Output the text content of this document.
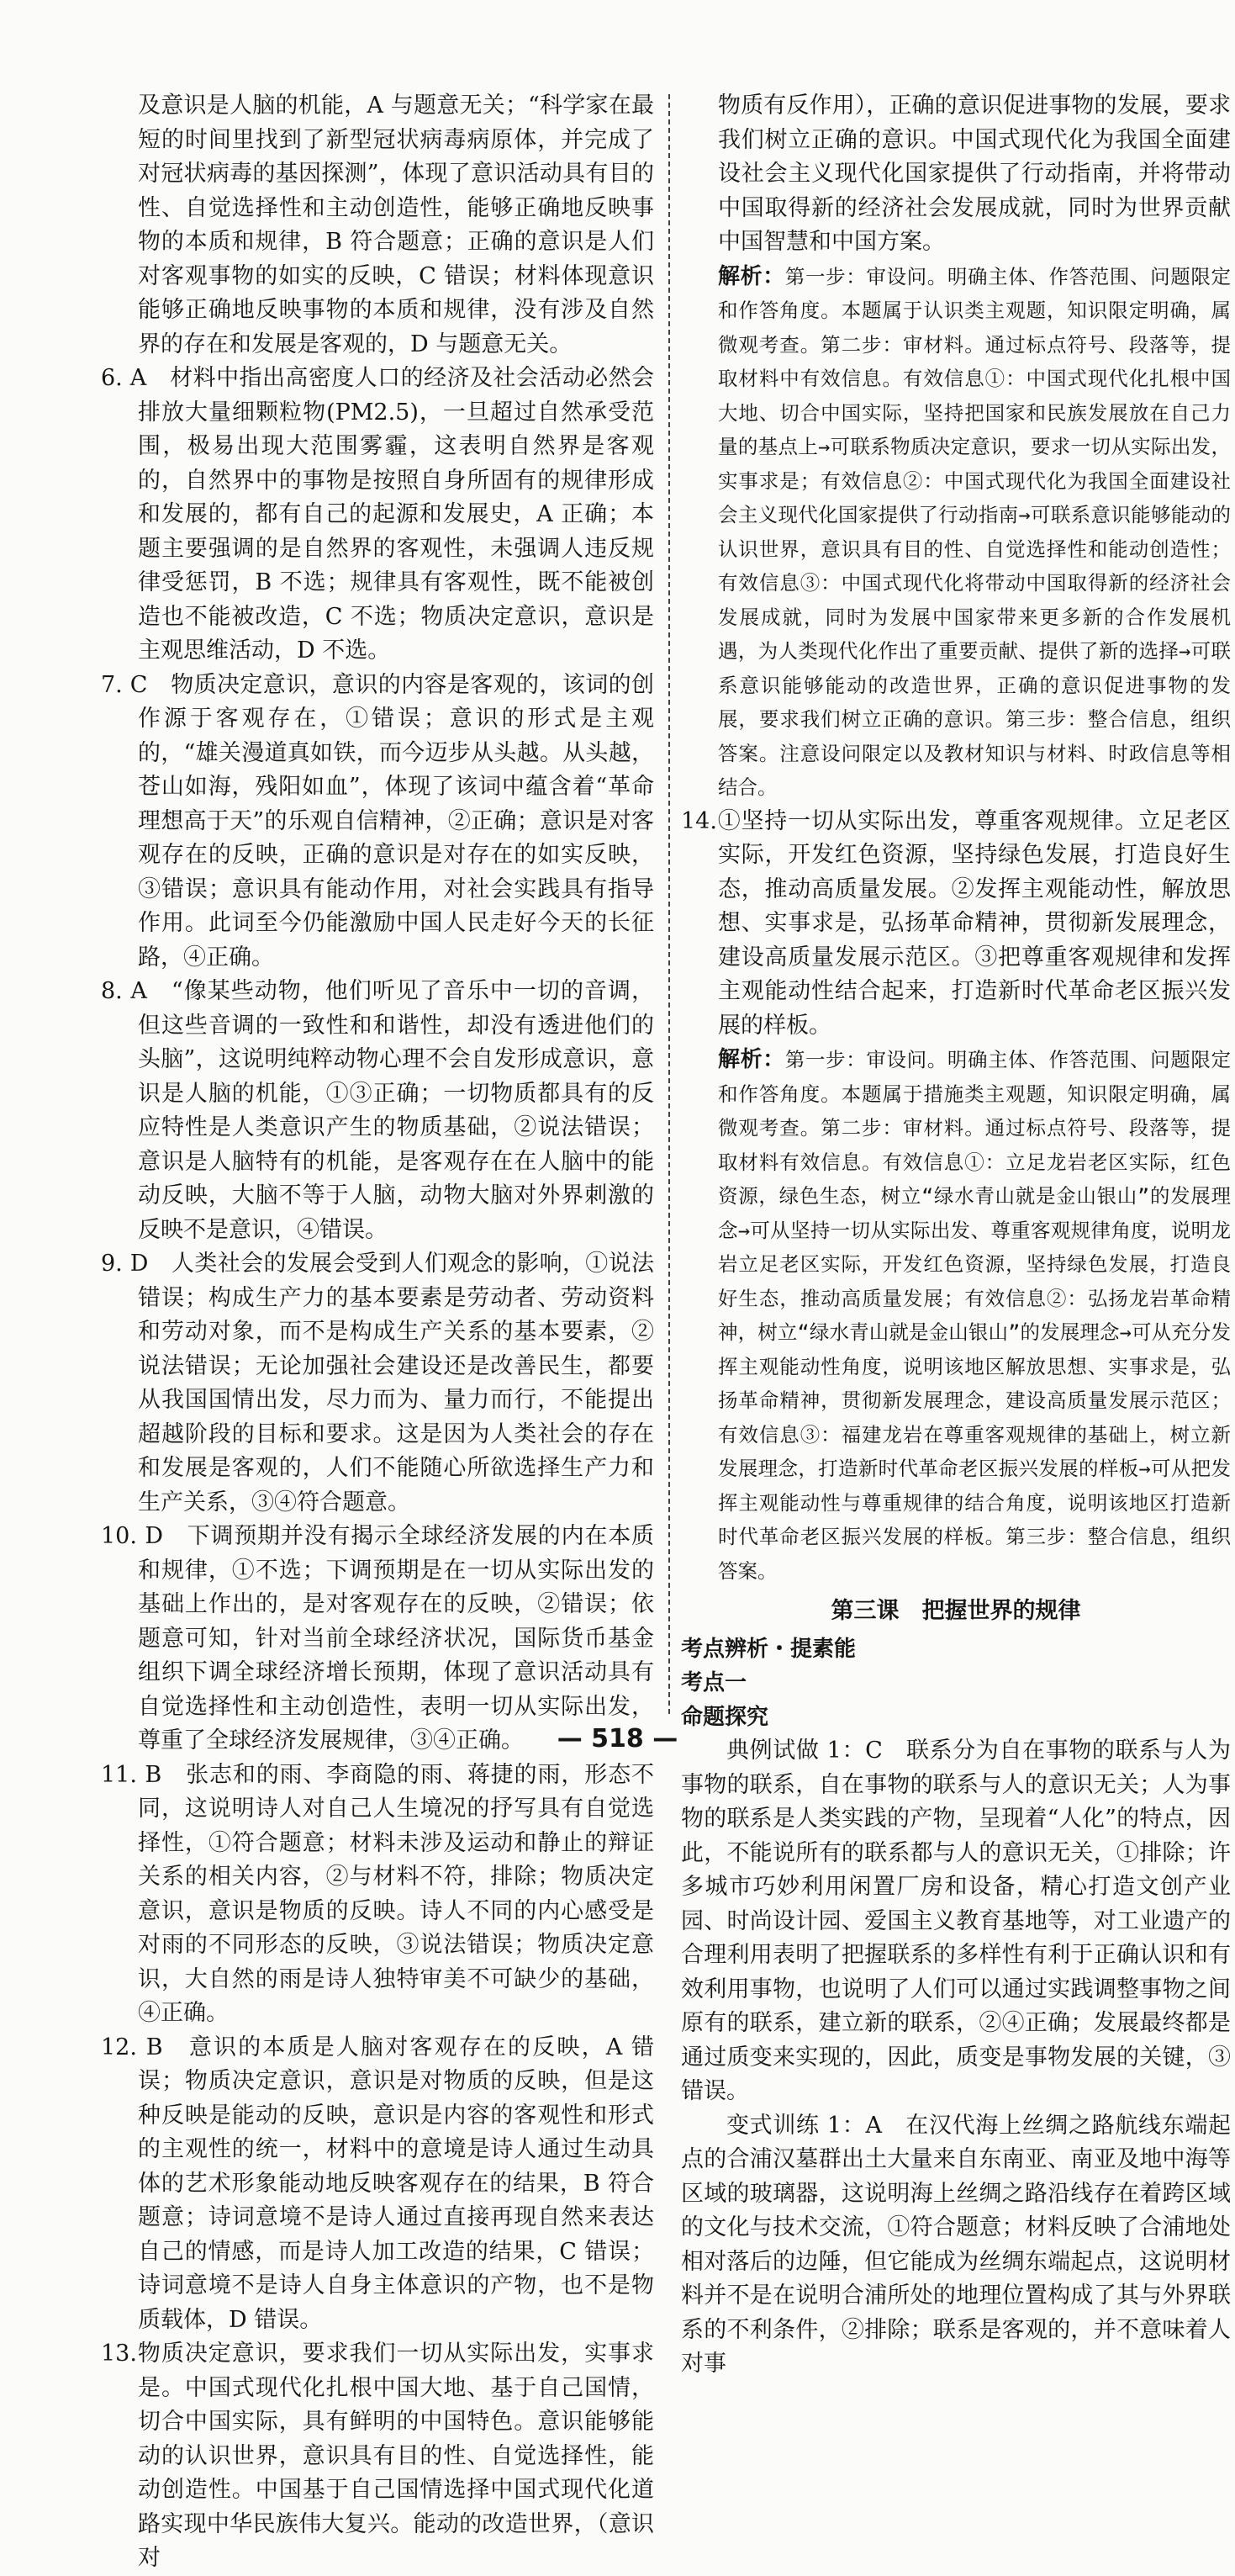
及意识是人脑的机能，A 与题意无关；“科学家在最短的时间里找到了新型冠状病毒病原体，并完成了对冠状病毒的基因探测”，体现了意识活动具有目的性、自觉选择性和主动创造性，能够正确地反映事物的本质和规律，B 符合题意；正确的意识是人们对客观事物的如实的反映，C 错误；材料体现意识能够正确地反映事物的本质和规律，没有涉及自然界的存在和发展是客观的，D 与题意无关。

6. A　 材料中指出高密度人口的经济及社会活动必然会排放大量细颗粒物(PM2.5)，一旦超过自然承受范围，极易出现大范围雾霾，这表明自然界是客观的，自然界中的事物是按照自身所固有的规律形成和发展的，都有自己的起源和发展史，A 正确；本题主要强调的是自然界的客观性，未强调人违反规律受惩罚，B 不选；规律具有客观性，既不能被创造也不能被改造，C 不选；物质决定意识，意识是主观思维活动，D 不选。

7. C　 物质决定意识，意识的内容是客观的，该词的创作源于客观存在，①错误；意识的形式是主观的，“雄关漫道真如铁，而今迈步从头越。从头越，苍山如海，残阳如血”，体现了该词中蕴含着“革命理想高于天”的乐观自信精神，②正确；意识是对客观存在的反映，正确的意识是对存在的如实反映，③错误；意识具有能动作用，对社会实践具有指导作用。此词至今仍能激励中国人民走好今天的长征路，④正确。

8. A　 “像某些动物，他们听见了音乐中一切的音调，但这些音调的一致性和和谐性，却没有透进他们的头脑”，这说明纯粹动物心理不会自发形成意识，意识是人脑的机能，①③正确；一切物质都具有的反应特性是人类意识产生的物质基础，②说法错误；意识是人脑特有的机能，是客观存在在人脑中的能动反映，大脑不等于人脑，动物大脑对外界刺激的反映不是意识，④错误。

9. D　 人类社会的发展会受到人们观念的影响，①说法错误；构成生产力的基本要素是劳动者、劳动资料和劳动对象，而不是构成生产关系的基本要素，②说法错误；无论加强社会建设还是改善民生，都要从我国国情出发，尽力而为、量力而行，不能提出超越阶段的目标和要求。这是因为人类社会的存在和发展是客观的，人们不能随心所欲选择生产力和生产关系，③④符合题意。

10. D　 下调预期并没有揭示全球经济发展的内在本质和规律，①不选；下调预期是在一切从实际出发的基础上作出的，是对客观存在的反映，②错误；依题意可知，针对当前全球经济状况，国际货币基金组织下调全球经济增长预期，体现了意识活动具有自觉选择性和主动创造性，表明一切从实际出发，尊重了全球经济发展规律，③④正确。

11. B　 张志和的雨、李商隐的雨、蒋捷的雨，形态不同，这说明诗人对自己人生境况的抒写具有自觉选择性，①符合题意；材料未涉及运动和静止的辩证关系的相关内容，②与材料不符，排除；物质决定意识，意识是物质的反映。诗人不同的内心感受是对雨的不同形态的反映，③说法错误；物质决定意识，大自然的雨是诗人独特审美不可缺少的基础，④正确。

12. B　 意识的本质是人脑对客观存在的反映，A 错误；物质决定意识，意识是对物质的反映，但是这种反映是能动的反映，意识是内容的客观性和形式的主观性的统一，材料中的意境是诗人通过生动具体的艺术形象能动地反映客观存在的结果，B 符合题意；诗词意境不是诗人通过直接再现自然来表达自己的情感，而是诗人加工改造的结果，C 错误；诗词意境不是诗人自身主体意识的产物，也不是物质载体，D 错误。

13.物质决定意识，要求我们一切从实际出发，实事求是。中国式现代化扎根中国大地、基于自己国情，切合中国实际，具有鲜明的中国特色。意识能够能动的认识世界，意识具有目的性、自觉选择性，能动创造性。中国基于自己国情选择中国式现代化道路实现中华民族伟大复兴。能动的改造世界，（意识对

物质有反作用），正确的意识促进事物的发展，要求我们树立正确的意识。中国式现代化为我国全面建设社会主义现代化国家提供了行动指南，并将带动中国取得新的经济社会发展成就，同时为世界贡献中国智慧和中国方案。

解析：第一步：审设问。明确主体、作答范围、问题限定和作答角度。本题属于认识类主观题，知识限定明确，属微观考查。第二步：审材料。通过标点符号、段落等，提取材料中有效信息。有效信息①：中国式现代化扎根中国大地、切合中国实际，坚持把国家和民族发展放在自己力量的基点上→可联系物质决定意识，要求一切从实际出发，实事求是；有效信息②：中国式现代化为我国全面建设社会主义现代化国家提供了行动指南→可联系意识能够能动的认识世界，意识具有目的性、自觉选择性和能动创造性；有效信息③：中国式现代化将带动中国取得新的经济社会发展成就，同时为发展中国家带来更多新的合作发展机遇，为人类现代化作出了重要贡献、提供了新的选择→可联系意识能够能动的改造世界，正确的意识促进事物的发展，要求我们树立正确的意识。第三步：整合信息，组织答案。注意设问限定以及教材知识与材料、时政信息等相结合。

14.①坚持一切从实际出发，尊重客观规律。立足老区实际，开发红色资源，坚持绿色发展，打造良好生态，推动高质量发展。②发挥主观能动性，解放思想、实事求是，弘扬革命精神，贯彻新发展理念，建设高质量发展示范区。③把尊重客观规律和发挥主观能动性结合起来，打造新时代革命老区振兴发展的样板。

解析：第一步：审设问。明确主体、作答范围、问题限定和作答角度。本题属于措施类主观题，知识限定明确，属微观考查。第二步：审材料。通过标点符号、段落等，提取材料有效信息。有效信息①：立足龙岩老区实际，红色资源，绿色生态，树立“绿水青山就是金山银山”的发展理念→可从坚持一切从实际出发、尊重客观规律角度，说明龙岩立足老区实际，开发红色资源，坚持绿色发展，打造良好生态，推动高质量发展；有效信息②：弘扬龙岩革命精神，树立“绿水青山就是金山银山”的发展理念→可从充分发挥主观能动性角度，说明该地区解放思想、实事求是，弘扬革命精神，贯彻新发展理念，建设高质量发展示范区；有效信息③：福建龙岩在尊重客观规律的基础上，树立新发展理念，打造新时代革命老区振兴发展的样板→可从把发挥主观能动性与尊重规律的结合角度，说明该地区打造新时代革命老区振兴发展的样板。第三步：整合信息，组织答案。

第三课　把握世界的规律

考点辨析・提素能

考点一

命题探究

典例试做 1：C　联系分为自在事物的联系与人为事物的联系，自在事物的联系与人的意识无关；人为事物的联系是人类实践的产物，呈现着“人化”的特点，因此，不能说所有的联系都与人的意识无关，①排除；许多城市巧妙利用闲置厂房和设备，精心打造文创产业园、时尚设计园、爱国主义教育基地等，对工业遗产的合理利用表明了把握联系的多样性有利于正确认识和有效利用事物，也说明了人们可以通过实践调整事物之间原有的联系，建立新的联系，②④正确；发展最终都是通过质变来实现的，因此，质变是事物发展的关键，③错误。

变式训练 1：A　在汉代海上丝绸之路航线东端起点的合浦汉墓群出土大量来自东南亚、南亚及地中海等区域的玻璃器，这说明海上丝绸之路沿线存在着跨区域的文化与技术交流，①符合题意；材料反映了合浦地处相对落后的边陲，但它能成为丝绸东端起点，这说明材料并不是在说明合浦所处的地理位置构成了其与外界联系的不利条件，②排除；联系是客观的，并不意味着人对事

— 518 —
